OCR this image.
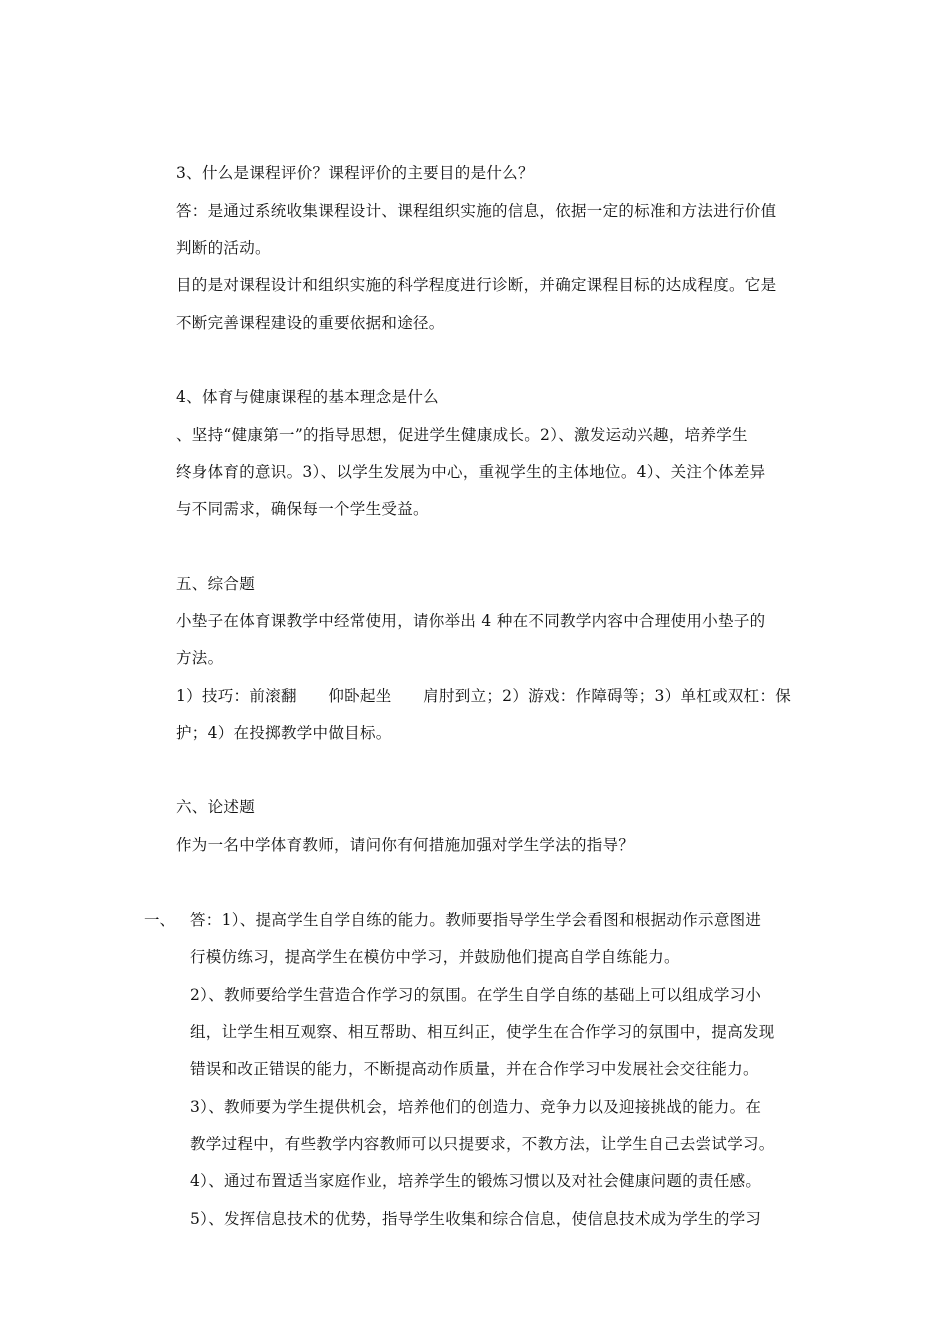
3、什么是课程评价？课程评价的主要目的是什么？
答：是通过系统收集课程设计、课程组织实施的信息，依据一定的标准和方法进行价值
判断的活动。
目的是对课程设计和组织实施的科学程度进行诊断，并确定课程目标的达成程度。它是
不断完善课程建设的重要依据和途径。
4、体育与健康课程的基本理念是什么
、坚持“健康第一”的指导思想，促进学生健康成长。2）、激发运动兴趣，培养学生
终身体育的意识。3）、以学生发展为中心，重视学生的主体地位。4）、关注个体差异
与不同需求，确保每一个学生受益。
五、综合题
小垫子在体育课教学中经常使用，请你举出 4 种在不同教学内容中合理使用小垫子的
方法。
1）技巧：前滚翻　　仰卧起坐　　肩肘到立；2）游戏：作障碍等；3）单杠或双杠：保
护；4）在投掷教学中做目标。
六、论述题
作为一名中学体育教师，请问你有何措施加强对学生学法的指导？
一、 答：1）、提高学生自学自练的能力。教师要指导学生学会看图和根据动作示意图进
行模仿练习，提高学生在模仿中学习，并鼓励他们提高自学自练能力。
2）、教师要给学生营造合作学习的氛围。在学生自学自练的基础上可以组成学习小
组，让学生相互观察、相互帮助、相互纠正，使学生在合作学习的氛围中，提高发现
错误和改正错误的能力，不断提高动作质量，并在合作学习中发展社会交往能力。
3）、教师要为学生提供机会，培养他们的创造力、竞争力以及迎接挑战的能力。在
教学过程中，有些教学内容教师可以只提要求，不教方法，让学生自己去尝试学习。
4）、通过布置适当家庭作业，培养学生的锻炼习惯以及对社会健康问题的责任感。
5）、发挥信息技术的优势，指导学生收集和综合信息，使信息技术成为学生的学习
